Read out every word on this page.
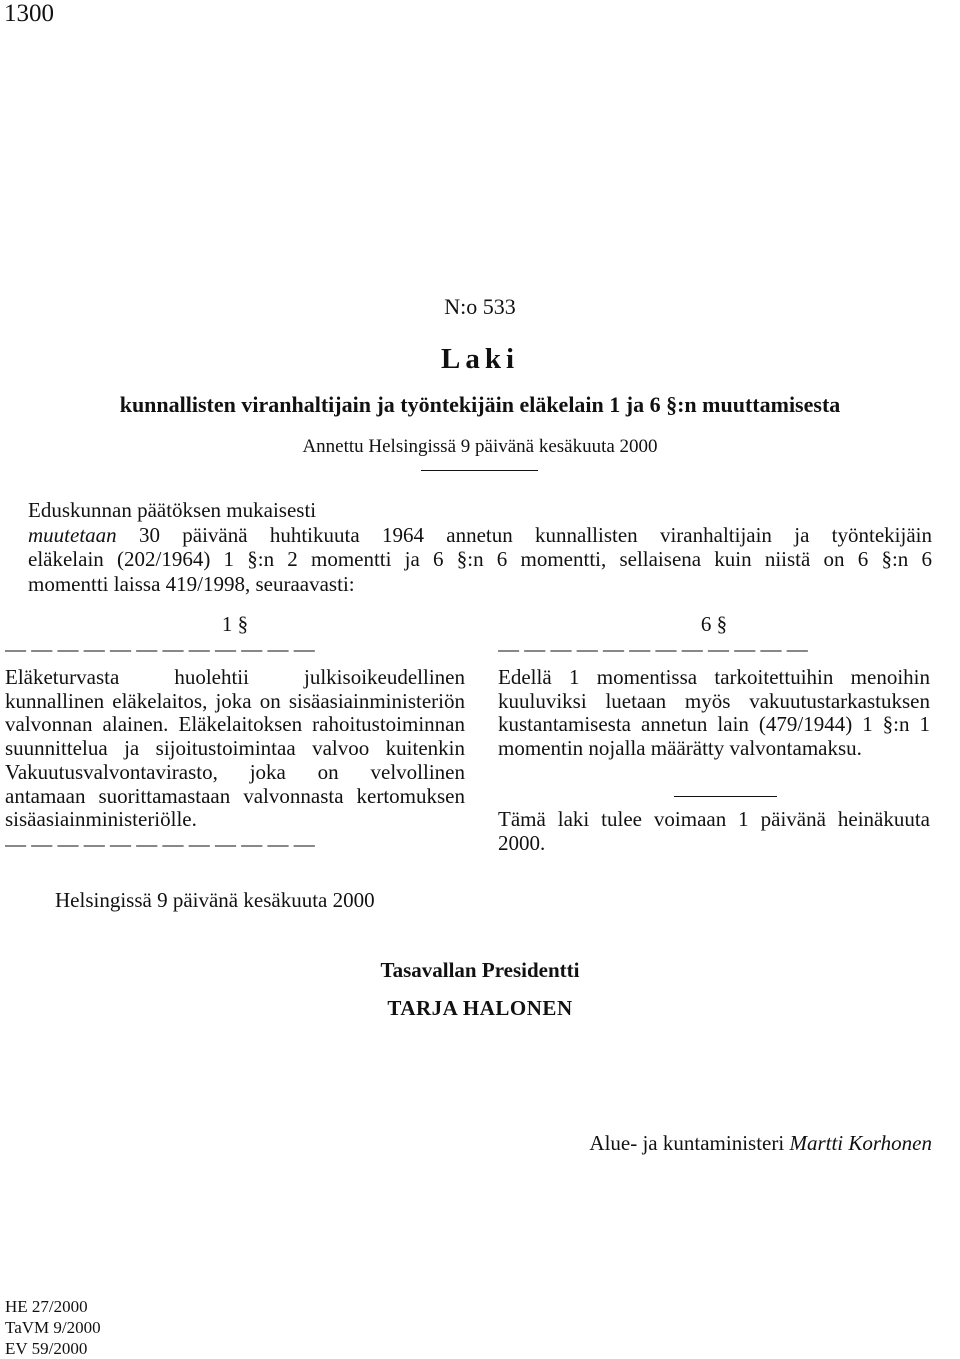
1300
N:o 533
Laki
kunnallisten viranhaltijain ja työntekijäin eläkelain 1 ja 6 §:n muuttamisesta
Annettu Helsingissä 9 päivänä kesäkuuta 2000
Eduskunnan päätöksen mukaisesti
muutetaan 30 päivänä huhtikuuta 1964 annetun kunnallisten viranhaltijain ja työntekijäin
eläkelain (202/1964) 1 §:n 2 momentti ja 6 §:n 6 momentti, sellaisena kuin niistä on 6 §:n 6
momentti laissa 419/1998, seuraavasti:
1 §
— — — — — — — — — — — —
Eläketurvasta huolehtii julkisoikeudellinen kunnallinen eläkelaitos, joka on sisäasiainministeriön valvonnan alainen. Eläkelaitoksen rahoitustoiminnan suunnittelua ja sijoitustoimintaa valvoo kuitenkin Vakuutusvalvontavirasto, joka on velvollinen antamaan suorittamastaan valvonnasta kertomuksen sisäasiainministeriölle.
— — — — — — — — — — — —
6 §
— — — — — — — — — — — —
Edellä 1 momentissa tarkoitettuihin menoihin kuuluviksi luetaan myös vakuutustarkastuksen kustantamisesta annetun lain (479/1944) 1 §:n 1 momentin nojalla määrätty valvontamaksu.
Tämä laki tulee voimaan 1 päivänä heinäkuuta 2000.
Helsingissä 9 päivänä kesäkuuta 2000
Tasavallan Presidentti
TARJA HALONEN
Alue- ja kuntaministeri Martti Korhonen
HE 27/2000
TaVM 9/2000
EV 59/2000
